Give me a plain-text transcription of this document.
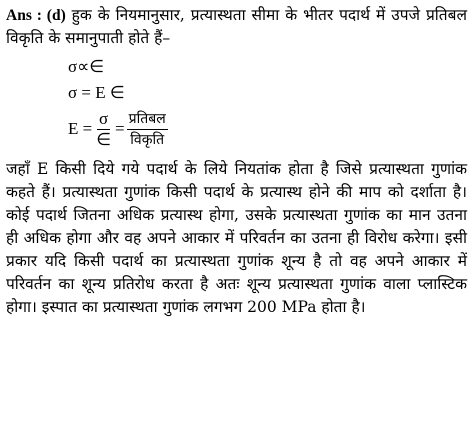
Ans : (d) हुक के नियमानुसार, प्रत्यास्थता सीमा के भीतर पदार्थ में उपजे प्रतिबल विकृति के समानुपाती होते हैं–

σ∝∈
σ = E ∈
$E = \frac{\sigma}{\in} = \frac{\text{प्रतिबल}}{\text{विकृति}}$

जहाँ E किसी दिये गये पदार्थ के लिये नियतांक होता है जिसे प्रत्यास्थता गुणांक कहते हैं। प्रत्यास्थता गुणांक किसी पदार्थ के प्रत्यास्थ होने की माप को दर्शाता है। कोई पदार्थ जितना अधिक प्रत्यास्थ होगा, उसके प्रत्यास्थता गुणांक का मान उतना ही अधिक होगा और वह अपने आकार में परिवर्तन का उतना ही विरोध करेगा। इसी प्रकार यदि किसी पदार्थ का प्रत्यास्थता गुणांक शून्य है तो वह अपने आकार में परिवर्तन का शून्य प्रतिरोध करता है अतः शून्य प्रत्यास्थता गुणांक वाला प्लास्टिक होगा। इस्पात का प्रत्यास्थता गुणांक लगभग 200 MPa होता है।
